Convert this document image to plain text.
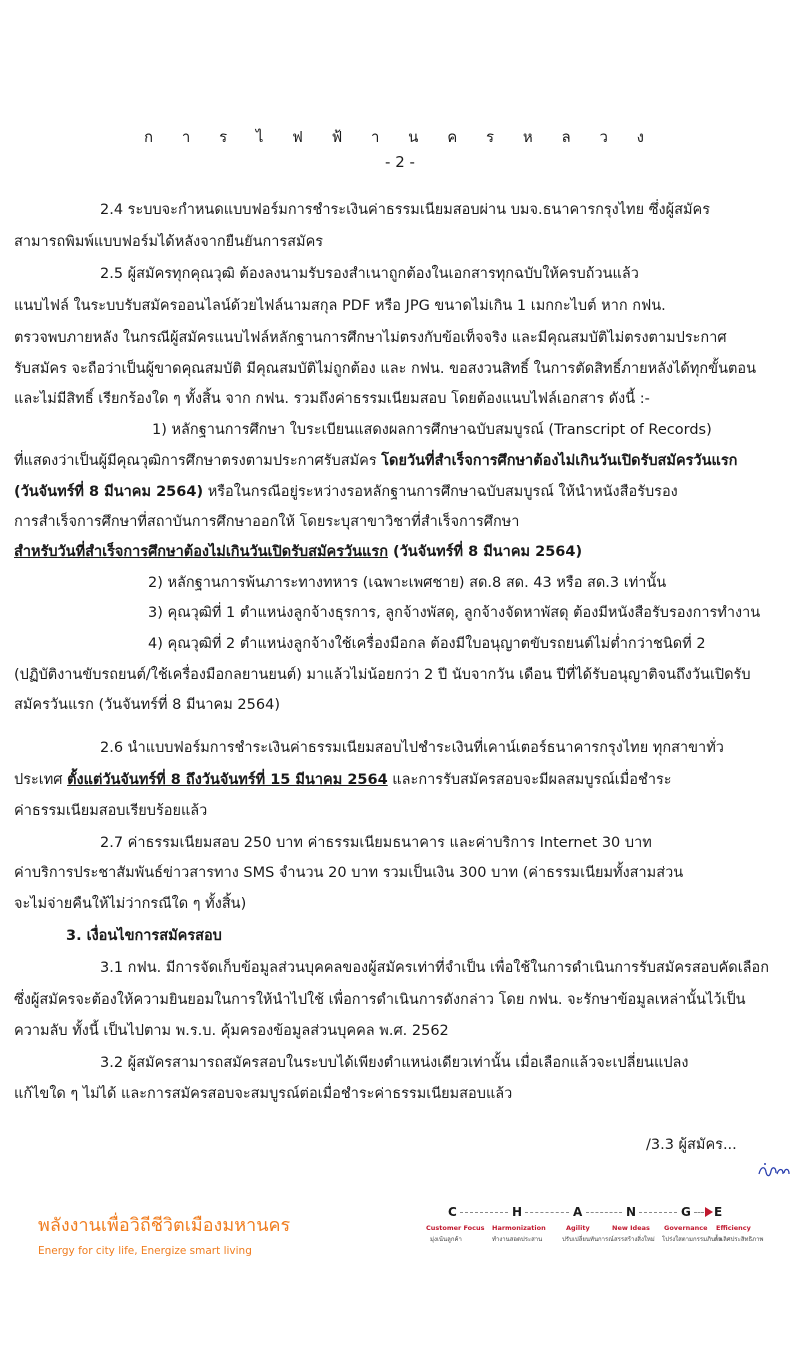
ก า ร ไ ฟ ฟ้ า น ค ร ห ล ว ง
- 2 -
2.4 ระบบจะกำหนดแบบฟอร์มการชำระเงินค่าธรรมเนียมสอบผ่าน บมจ.ธนาคารกรุงไทย ซึ่งผู้สมัคร
สามารถพิมพ์แบบฟอร์มได้หลังจากยืนยันการสมัคร
2.5 ผู้สมัครทุกคุณวุฒิ ต้องลงนามรับรองสำเนาถูกต้องในเอกสารทุกฉบับให้ครบถ้วนแล้ว
แนบไฟล์ ในระบบรับสมัครออนไลน์ด้วยไฟล์นามสกุล PDF หรือ JPG ขนาดไม่เกิน 1 เมกกะไบต์ หาก กฟน.
ตรวจพบภายหลัง ในกรณีผู้สมัครแนบไฟล์หลักฐานการศึกษาไม่ตรงกับข้อเท็จจริง และมีคุณสมบัติไม่ตรงตามประกาศ
รับสมัคร จะถือว่าเป็นผู้ขาดคุณสมบัติ มีคุณสมบัติไม่ถูกต้อง และ กฟน. ขอสงวนสิทธิ์ ในการตัดสิทธิ์ภายหลังได้ทุกขั้นตอน
และไม่มีสิทธิ์ เรียกร้องใด ๆ ทั้งสิ้น จาก กฟน. รวมถึงค่าธรรมเนียมสอบ โดยต้องแนบไฟล์เอกสาร ดังนี้ :-
1) หลักฐานการศึกษา ใบระเบียนแสดงผลการศึกษาฉบับสมบูรณ์ (Transcript of Records)
ที่แสดงว่าเป็นผู้มีคุณวุฒิการศึกษาตรงตามประกาศรับสมัคร โดยวันที่สำเร็จการศึกษาต้องไม่เกินวันเปิดรับสมัครวันแรก
(วันจันทร์ที่ 8 มีนาคม 2564) หรือในกรณีอยู่ระหว่างรอหลักฐานการศึกษาฉบับสมบูรณ์ ให้นำหนังสือรับรอง
การสำเร็จการศึกษาที่สถาบันการศึกษาออกให้ โดยระบุสาขาวิชาที่สำเร็จการศึกษา
สำหรับวันที่สำเร็จการศึกษาต้องไม่เกินวันเปิดรับสมัครวันแรก (วันจันทร์ที่ 8 มีนาคม 2564)
2) หลักฐานการพ้นภาระทางทหาร (เฉพาะเพศชาย) สด.8 สด. 43 หรือ สด.3 เท่านั้น
3) คุณวุฒิที่ 1 ตำแหน่งลูกจ้างธุรการ, ลูกจ้างพัสดุ, ลูกจ้างจัดหาพัสดุ ต้องมีหนังสือรับรองการทำงาน
4) คุณวุฒิที่ 2 ตำแหน่งลูกจ้างใช้เครื่องมือกล ต้องมีใบอนุญาตขับรถยนต์ไม่ต่ำกว่าชนิดที่ 2
(ปฏิบัติงานขับรถยนต์/ใช้เครื่องมือกลยานยนต์) มาแล้วไม่น้อยกว่า 2 ปี นับจากวัน เดือน ปีที่ได้รับอนุญาติจนถึงวันเปิดรับ
สมัครวันแรก (วันจันทร์ที่ 8 มีนาคม 2564)
2.6 นำแบบฟอร์มการชำระเงินค่าธรรมเนียมสอบไปชำระเงินที่เคาน์เตอร์ธนาคารกรุงไทย ทุกสาขาทั่ว
ประเทศ ตั้งแต่วันจันทร์ที่ 8 ถึงวันจันทร์ที่ 15 มีนาคม 2564 และการรับสมัครสอบจะมีผลสมบูรณ์เมื่อชำระ
ค่าธรรมเนียมสอบเรียบร้อยแล้ว
2.7 ค่าธรรมเนียมสอบ 250 บาท ค่าธรรมเนียมธนาคาร และค่าบริการ Internet 30 บาท
ค่าบริการประชาสัมพันธ์ข่าวสารทาง SMS จำนวน 20 บาท รวมเป็นเงิน 300 บาท (ค่าธรรมเนียมทั้งสามส่วน
จะไม่จ่ายคืนให้ไม่ว่ากรณีใด ๆ ทั้งสิ้น)
3. เงื่อนไขการสมัครสอบ
3.1 กฟน. มีการจัดเก็บข้อมูลส่วนบุคคลของผู้สมัครเท่าที่จำเป็น เพื่อใช้ในการดำเนินการรับสมัครสอบคัดเลือก
ซึ่งผู้สมัครจะต้องให้ความยินยอมในการให้นำไปใช้ เพื่อการดำเนินการดังกล่าว โดย กฟน. จะรักษาข้อมูลเหล่านั้นไว้เป็น
ความลับ ทั้งนี้ เป็นไปตาม พ.ร.บ. คุ้มครองข้อมูลส่วนบุคคล พ.ศ. 2562
3.2 ผู้สมัครสามารถสมัครสอบในระบบได้เพียงตำแหน่งเดียวเท่านั้น เมื่อเลือกแล้วจะเปลี่ยนแปลง
แก้ไขใด ๆ ไม่ได้ และการสมัครสอบจะสมบูรณ์ต่อเมื่อชำระค่าธรรมเนียมสอบแล้ว
/3.3 ผู้สมัคร...
พลังงานเพื่อวิถีชีวิตเมืองมหานคร
Energy for city life, Energize smart living
C	H	A	N	G E
Customer Focus Harmonization	Agility	New Ideas Governance Efficiency
มุ่งเน้นลูกค้า	ทำงานสอดประสาน	ปรับเปลี่ยนทันการณ์ สรรสร้างสิ่งใหม่ โปร่งใสตามกรรมภิบาล
ล้ำเลิศประสิทธิภาพ
